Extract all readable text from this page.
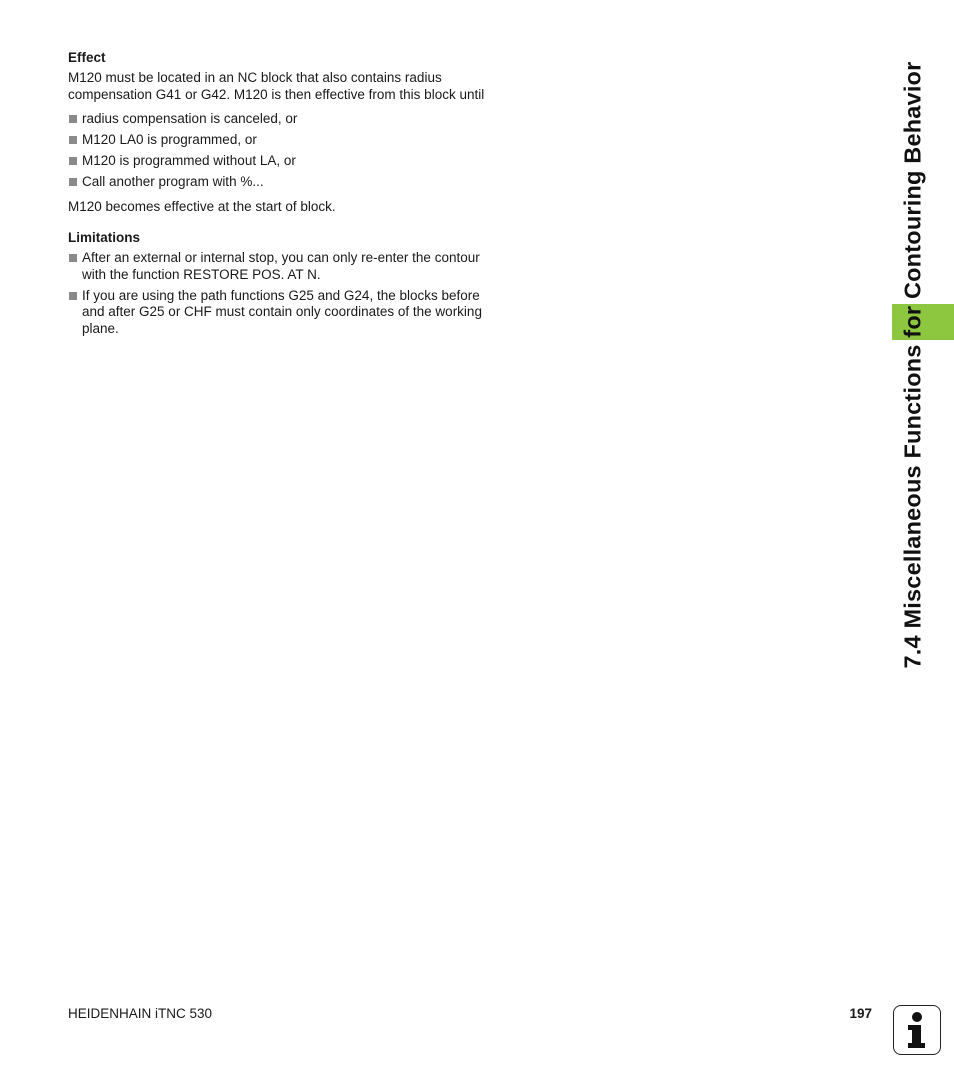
Effect
M120 must be located in an NC block that also contains radius
compensation G41 or G42. M120 is then effective from this block until
radius compensation is canceled, or
M120 LA0 is programmed, or
M120 is programmed without LA, or
Call another program with %...
M120 becomes effective at the start of block.
Limitations
After an external or internal stop, you can only re-enter the contour
with the function RESTORE POS. AT N.
If you are using the path functions G25 and G24, the blocks before
and after G25 or CHF must contain only coordinates of the working
plane.	7.4 Miscellaneous Functions for Contouring Behavior
HEIDENHAIN iTNC 530	197
